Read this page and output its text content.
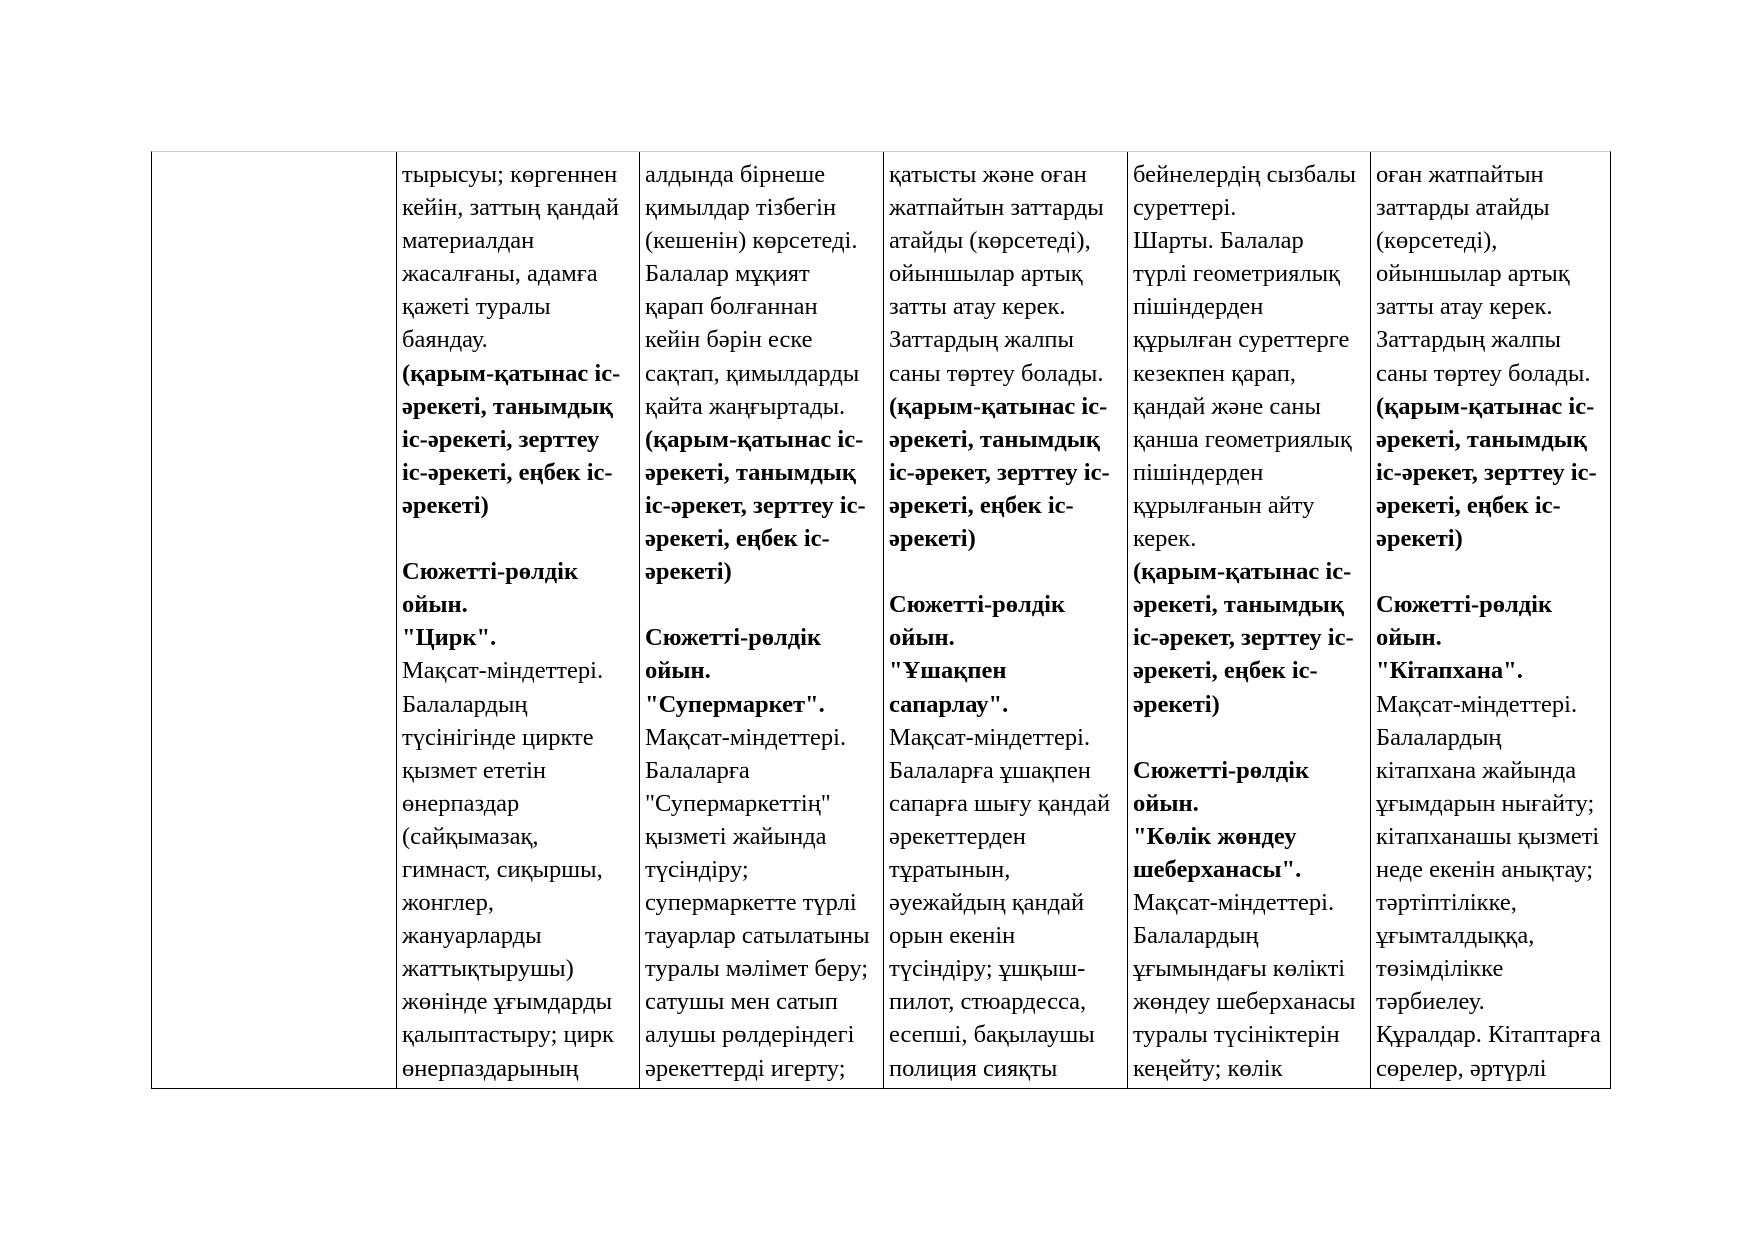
тырысуы; көргеннен
кейін, заттың қандай
материалдан
жасалғаны, адамға
қажеті туралы
баяндау.
(қарым-қатынас іс-
әрекеті, танымдық
іс-әрекеті, зерттеу
іс-әрекеті, еңбек іс-
әрекеті)
Сюжетті-рөлдік
ойын.
"Цирк".
Мақсат-міндеттері.
Балалардың
түсінігінде циркте
қызмет ететін
өнерпаздар
(сайқымазақ,
гимнаст, сиқыршы,
жонглер,
жануарларды
жаттықтырушы)
жөнінде ұғымдарды
қалыптастыру; цирк
өнерпаздарының
алдында бірнеше
қимылдар тізбегін
(кешенін) көрсетеді.
Балалар мұқият
қарап болғаннан
кейін бәрін еске
сақтап, қимылдарды
қайта жаңғыртады.
(қарым-қатынас іс-
әрекеті, танымдық
іс-әрекет, зерттеу іс-
әрекеті, еңбек іс-
әрекеті)
Сюжетті-рөлдік
ойын.
"Супермаркет".
Мақсат-міндеттері.
Балаларға
"Супермаркеттің"
қызметі жайында
түсіндіру;
супермаркетте түрлі
тауарлар сатылатыны
туралы мәлімет беру;
сатушы мен сатып
алушы рөлдеріндегі
әрекеттерді игерту;
қатысты және оған
жатпайтын заттарды
атайды (көрсетеді),
ойыншылар артық
затты атау керек.
Заттардың жалпы
саны төртеу болады.
(қарым-қатынас іс-
әрекеті, танымдық
іс-әрекет, зерттеу іс-
әрекеті, еңбек іс-
әрекеті)
Сюжетті-рөлдік
ойын.
"Ұшақпен
сапарлау".
Мақсат-міндеттері.
Балаларға ұшақпен
сапарға шығу қандай
әрекеттерден
тұратынын,
әуежайдың қандай
орын екенін
түсіндіру; ұшқыш-
пилот, стюардесса,
есепші, бақылаушы
полиция сияқты
бейнелердің сызбалы
суреттері.
Шарты. Балалар
түрлі геометриялық
пішіндерден
құрылған суреттерге
кезекпен қарап,
қандай және саны
қанша геометриялық
пішіндерден
құрылғанын айту
керек.
(қарым-қатынас іс-
әрекеті, танымдық
іс-әрекет, зерттеу іс-
әрекеті, еңбек іс-
әрекеті)
Сюжетті-рөлдік
ойын.
"Көлік жөндеу
шеберханасы".
Мақсат-міндеттері.
Балалардың
ұғымындағы көлікті
жөндеу шеберханасы
туралы түсініктерін
кеңейту; көлік
оған жатпайтын
заттарды атайды
(көрсетеді),
ойыншылар артық
затты атау керек.
Заттардың жалпы
саны төртеу болады.
(қарым-қатынас іс-
әрекеті, танымдық
іс-әрекет, зерттеу іс-
әрекеті, еңбек іс-
әрекеті)
Сюжетті-рөлдік
ойын.
"Кітапхана".
Мақсат-міндеттері.
Балалардың
кітапхана жайында
ұғымдарын нығайту;
кітапханашы қызметі
неде екенін анықтау;
тәртіптілікке,
ұғымталдыққа,
төзімділікке
тәрбиелеу.
Құралдар. Кітаптарға
сөрелер, әртүрлі
